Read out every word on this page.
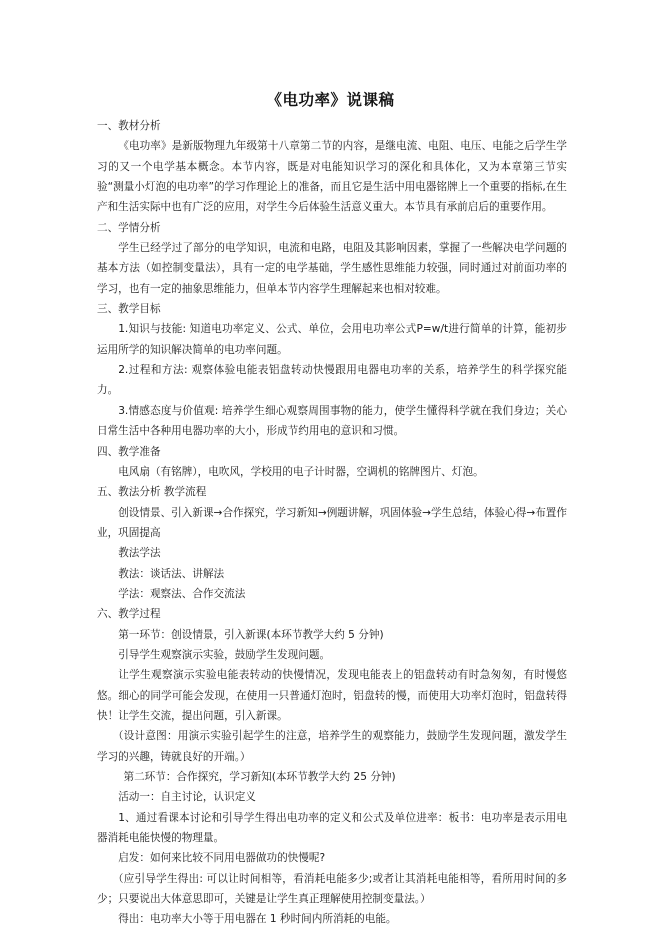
《电功率》说课稿

一、教材分析

《电功率》是新版物理九年级第十八章第二节的内容，是继电流、电阻、电压、电能之后学生学习的又一个电学基本概念。本节内容，既是对电能知识学习的深化和具体化，又为本章第三节实验“测量小灯泡的电功率”的学习作理论上的准备，而且它是生活中用电器铭牌上一个重要的指标,在生产和生活实际中也有广泛的应用，对学生今后体验生活意义重大。本节具有承前启后的重要作用。

二、学情分析

学生已经学过了部分的电学知识，电流和电路，电阻及其影响因素，掌握了一些解决电学问题的基本方法（如控制变量法），具有一定的电学基础，学生感性思维能力较强，同时通过对前面功率的学习，也有一定的抽象思维能力，但单本节内容学生理解起来也相对较难。

三、教学目标

1.知识与技能: 知道电功率定义、公式、单位，会用电功率公式P=w/t进行简单的计算，能初步运用所学的知识解决简单的电功率问题。

2.过程和方法: 观察体验电能表铝盘转动快慢跟用电器电功率的关系，培养学生的科学探究能力。

3.情感态度与价值观: 培养学生细心观察周围事物的能力，使学生懂得科学就在我们身边；关心日常生活中各种用电器功率的大小，形成节约用电的意识和习惯。

四、教学准备

电风扇（有铭牌），电吹风，学校用的电子计时器，空调机的铭牌图片、灯泡。

五、教法分析 教学流程

创设情景、引入新课→合作探究，学习新知→例题讲解，巩固体验→学生总结，体验心得→布置作业，巩固提高

教法学法

教法：谈话法、讲解法

学法：观察法、合作交流法

六、教学过程

第一环节：创设情景，引入新课(本环节教学大约 5 分钟)

引导学生观察演示实验，鼓励学生发现问题。

让学生观察演示实验电能表转动的快慢情况，发现电能表上的铝盘转动有时急匆匆，有时慢悠悠。细心的同学可能会发现，在使用一只普通灯泡时，铝盘转的慢，而使用大功率灯泡时，铝盘转得快！让学生交流，提出问题，引入新课。

（设计意图：用演示实验引起学生的注意，培养学生的观察能力，鼓励学生发现问题，激发学生学习的兴趣，铸就良好的开端。）

第二环节：合作探究，学习新知(本环节教学大约 25 分钟)

活动一：自主讨论，认识定义

1、通过看课本讨论和引导学生得出电功率的定义和公式及单位进率：板书：电功率是表示用电器消耗电能快慢的物理量。

启发：如何来比较不同用电器做功的快慢呢?

（应引导学生得出: 可以让时间相等，看消耗电能多少;或者让其消耗电能相等，看所用时间的多少；只要说出大体意思即可，关键是让学生真正理解使用控制变量法。）

得出：电功率大小等于用电器在 1 秒时间内所消耗的电能。
